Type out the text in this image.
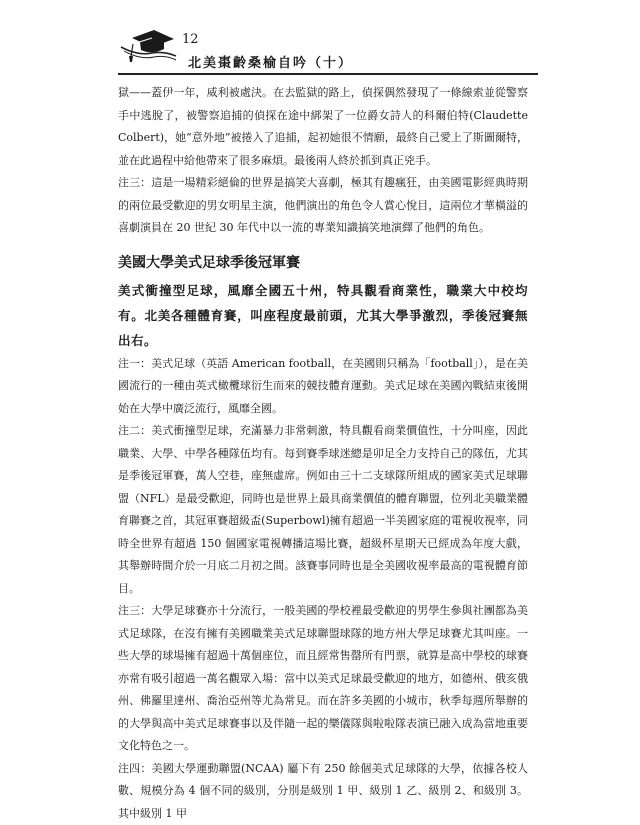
12
北美棗齡桑榆自吟（十）

獄——蓋伊一年，威利被處決。在去監獄的路上，偵探偶然發現了一條線索並從警察手中逃脫了，被警察追捕的偵探在途中綁架了一位爵女詩人的科爾伯特(Claudette Colbert)，她“意外地”被捲入了追捕，起初她很不情願，最終自己愛上了斯圖爾特，並在此過程中給他帶來了很多麻煩。最後兩人終於抓到真正兇手。

注三：這是一場精彩絕倫的世界是搞笑大喜劇，極其有趣瘋狂，由美國電影經典時期的兩位最受歡迎的男女明星主演，他們演出的角色令人賞心悅目，這兩位才華橫溢的喜劇演員在 20 世紀 30 年代中以一流的專業知識搞笑地演繹了他們的角色。

美國大學美式足球季後冠軍賽

美式衝撞型足球，風靡全國五十州，特具觀看商業性，職業大中校均有。北美各種體育賽，叫座程度最前頭，尤其大學爭激烈，季後冠賽無出右。

注一：美式足球（英語 American football，在美國則只稱為「football」），是在美國流行的一種由英式橄欖球衍生而來的競技體育運動。美式足球在美國內戰結束後開始在大學中廣泛流行，風靡全國。

注二：美式衝撞型足球，充滿暴力非常刺激，特具觀看商業價值性，十分叫座，因此職業、大學、中學各種隊伍均有。每到賽季球迷總是卯足全力支持自己的隊伍，尤其是季後冠軍賽，萬人空巷，座無虛席。例如由三十二支球隊所組成的國家美式足球聯盟（NFL）是最受歡迎，同時也是世界上最具商業價值的體育聯盟，位列北美職業體育聯賽之首，其冠軍賽超級盃(Superbowl)擁有超過一半美國家庭的電視收視率，同時全世界有超過 150 個國家電視轉播這場比賽，超級杯星期天已經成為年度大戲，其舉辦時間介於一月底二月初之間。該賽事同時也是全美國收視率最高的電視體育節目。

注三：大學足球賽亦十分流行，一般美國的學校裡最受歡迎的男學生參與社團都為美式足球隊，在沒有擁有美國職業美式足球聯盟球隊的地方州大學足球賽尤其叫座。一些大學的球場擁有超過十萬個座位，而且經常售罄所有門票，就算是高中學校的球賽亦常有吸引超過一萬名觀眾入場：當中以美式足球最受歡迎的地方，如德州、俄亥俄州、佛羅里達州、喬治亞州等尤為常見。而在許多美國的小城市，秋季每週所舉辦的的大學與高中美式足球賽事以及伴隨一起的樂儀隊與啦啦隊表演已融入成為當地重要文化特色之一。

注四：美國大學運動聯盟(NCAA) 屬下有 250 餘個美式足球隊的大學，依據各校人數、規模分為 4 個不同的級別，分別是級別 1 甲、級別 1 乙、級別 2、和級別 3。其中級別 1 甲
